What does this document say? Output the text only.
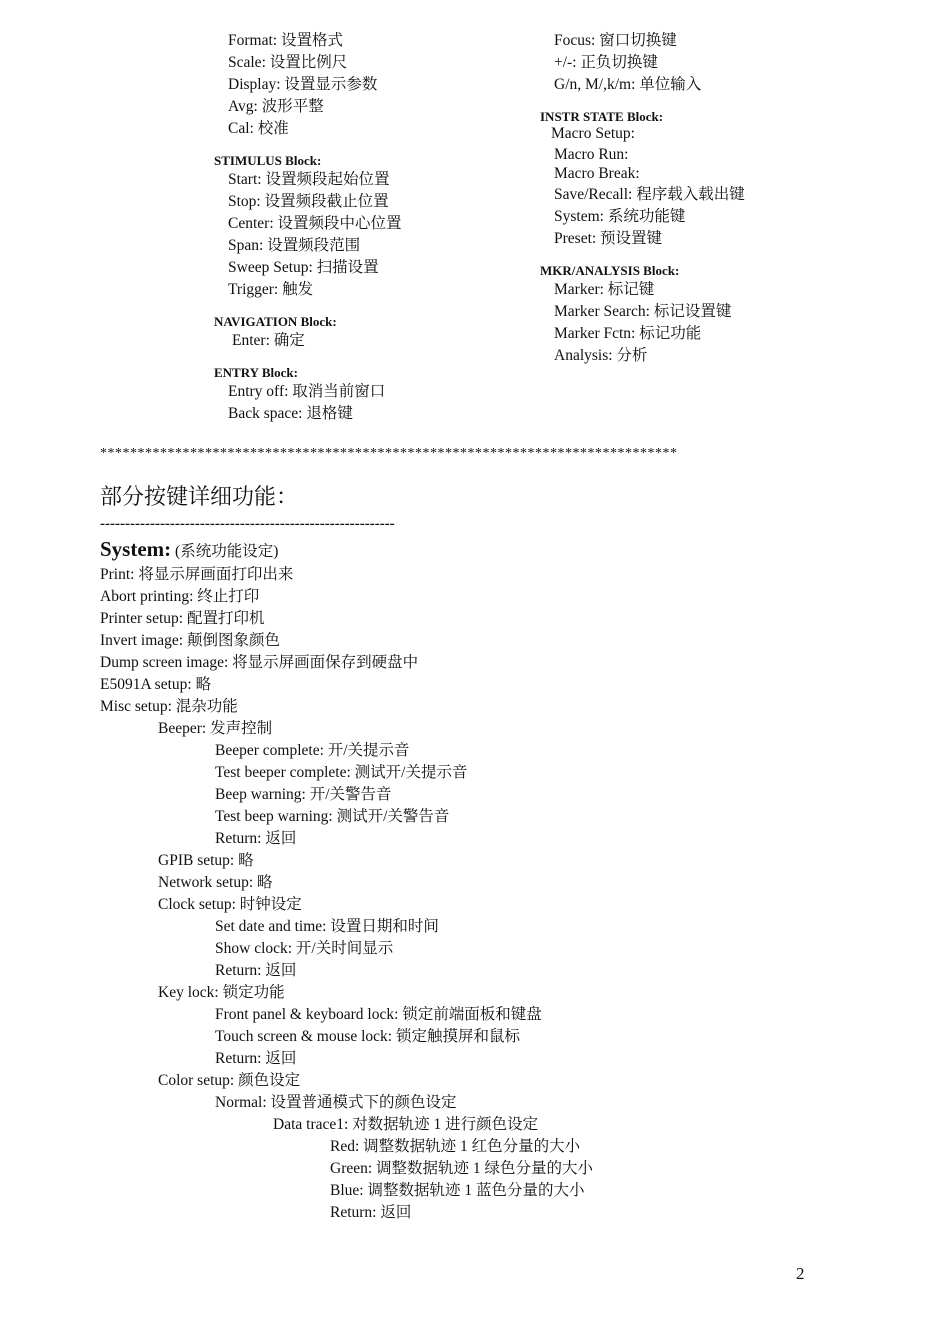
Format: 设置格式
Scale: 设置比例尺
Display: 设置显示参数
Avg: 波形平整
Cal: 校准
STIMULUS Block:
Start: 设置频段起始位置
Stop: 设置频段截止位置
Center: 设置频段中心位置
Span: 设置频段范围
Sweep Setup: 扫描设置
Trigger: 触发
NAVIGATION Block:
Enter: 确定
ENTRY Block:
Entry off: 取消当前窗口
Back space: 退格键
Focus: 窗口切换键
+/-: 正负切换键
G/n, M/,k/m: 单位输入
INSTR STATE Block:
Macro Setup:
Macro Run:
Macro Break:
Save/Recall: 程序载入载出键
System: 系统功能键
Preset: 预设置键
MKR/ANALYSIS Block:
Marker: 标记键
Marker Search: 标记设置键
Marker Fctn: 标记功能
Analysis: 分析
*****************************************************************************
部分按键详细功能：
-----------------------------------------------------------
System: (系统功能设定)
Print: 将显示屏画面打印出来
Abort printing: 终止打印
Printer setup: 配置打印机
Invert image: 颠倒图象颜色
Dump screen image: 将显示屏画面保存到硬盘中
E5091A setup: 略
Misc setup: 混杂功能
Beeper: 发声控制
Beeper complete: 开/关提示音
Test beeper complete: 测试开/关提示音
Beep warning: 开/关警告音
Test beep warning: 测试开/关警告音
Return: 返回
GPIB setup: 略
Network setup: 略
Clock setup: 时钟设定
Set date and time: 设置日期和时间
Show clock: 开/关时间显示
Return: 返回
Key lock: 锁定功能
Front panel & keyboard lock: 锁定前端面板和键盘
Touch screen & mouse lock: 锁定触摸屏和鼠标
Return: 返回
Color setup: 颜色设定
Normal: 设置普通模式下的颜色设定
Data trace1: 对数据轨迹 1 进行颜色设定
Red: 调整数据轨迹 1 红色分量的大小
Green: 调整数据轨迹 1 绿色分量的大小
Blue: 调整数据轨迹 1 蓝色分量的大小
Return: 返回
2
